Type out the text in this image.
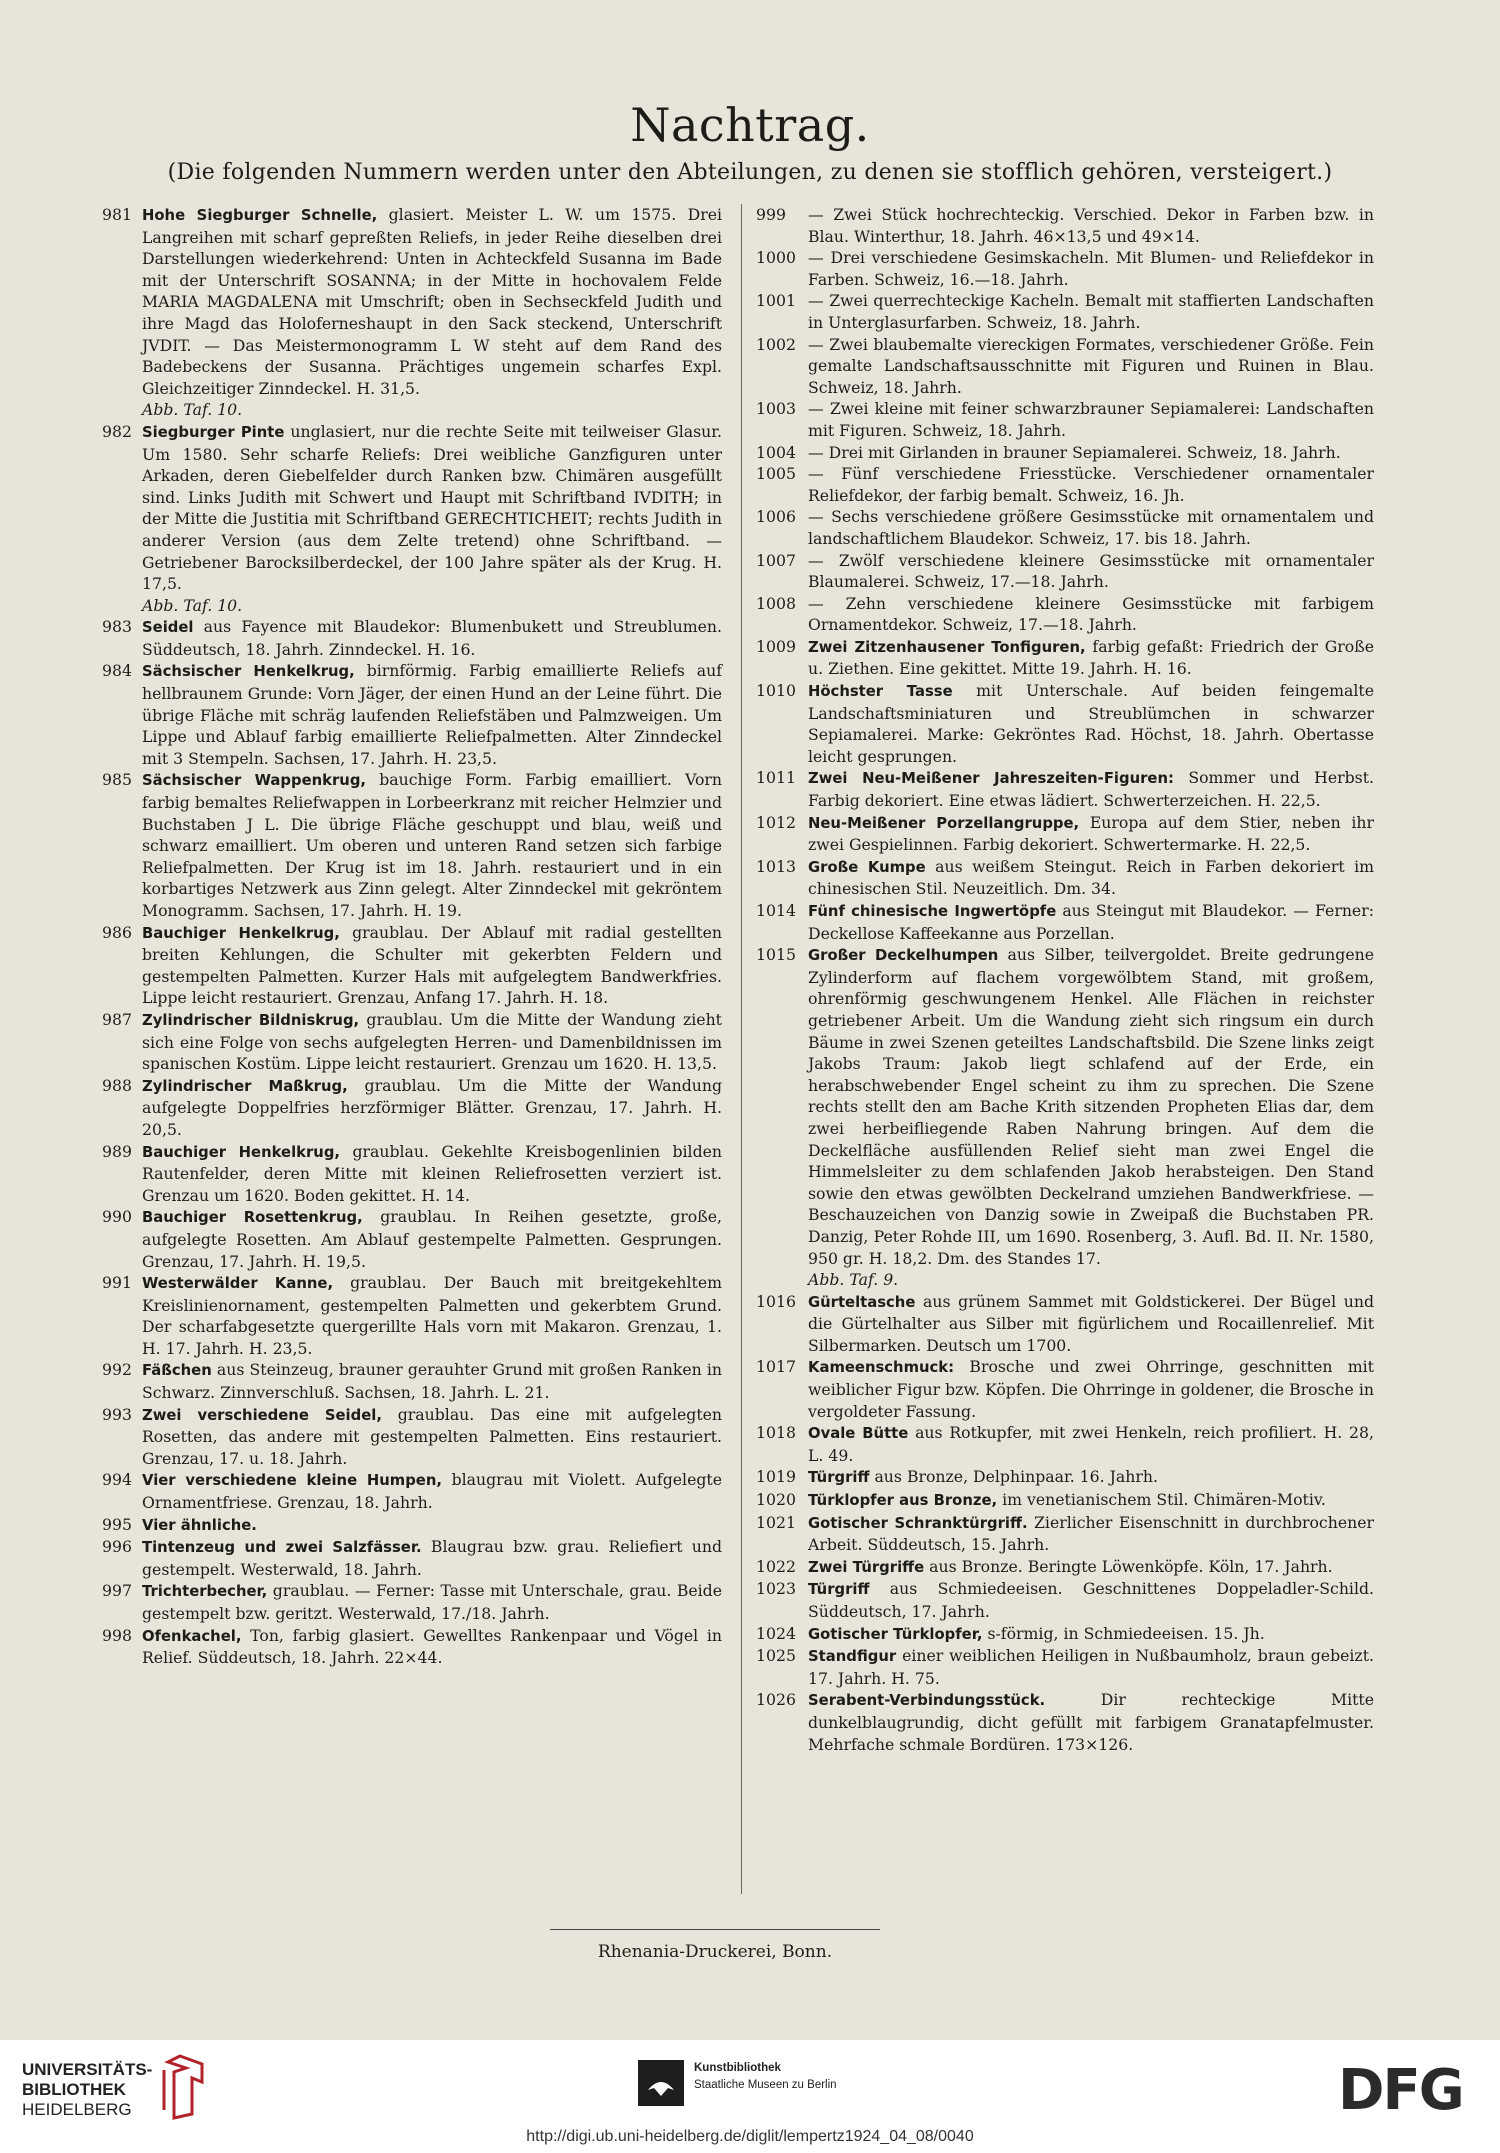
Nachtrag.
(Die folgenden Nummern werden unter den Abteilungen, zu denen sie stofflich gehören, versteigert.)

981 Hohe Siegburger Schnelle, glasiert. Meister L. W. um 1575. Drei Langreihen mit scharf gepreßten Reliefs, in jeder Reihe dieselben drei Darstellungen wiederkehrend: Unten in Achteckfeld Susanna im Bade mit der Unterschrift SOSANNA; in der Mitte in hochovalem Felde MARIA MAGDALENA mit Umschrift; oben in Sechseckfeld Judith und ihre Magd das Holoferneshaupt in den Sack steckend, Unterschrift JVDIT. — Das Meistermonogramm L W steht auf dem Rand des Badebeckens der Susanna. Prächtiges ungemein scharfes Expl. Gleichzeitiger Zinndeckel. H. 31,5.
Abb. Taf. 10.

982 Siegburger Pinte unglasiert, nur die rechte Seite mit teilweiser Glasur. Um 1580. Sehr scharfe Reliefs: Drei weibliche Ganzfiguren unter Arkaden, deren Giebelfelder durch Ranken bzw. Chimären ausgefüllt sind. Links Judith mit Schwert und Haupt mit Schriftband IVDITH; in der Mitte die Justitia mit Schriftband GERECHTICHEIT; rechts Judith in anderer Version (aus dem Zelte tretend) ohne Schriftband. — Getriebener Barocksilberdeckel, der 100 Jahre später als der Krug. H. 17,5.
Abb. Taf. 10.

983 Seidel aus Fayence mit Blaudekor: Blumenbukett und Streublumen. Süddeutsch, 18. Jahrh. Zinndeckel. H. 16.

984 Sächsischer Henkelkrug, birnförmig. Farbig emaillierte Reliefs auf hellbraunem Grunde: Vorn Jäger, der einen Hund an der Leine führt. Die übrige Fläche mit schräg laufenden Reliefstäben und Palmzweigen. Um Lippe und Ablauf farbig emaillierte Reliefpalmetten. Alter Zinndeckel mit 3 Stempeln. Sachsen, 17. Jahrh. H. 23,5.

985 Sächsischer Wappenkrug, bauchige Form. Farbig emailliert. Vorn farbig bemaltes Reliefwappen in Lorbeerkranz mit reicher Helmzier und Buchstaben J L. Die übrige Fläche geschuppt und blau, weiß und schwarz emailliert. Um oberen und unteren Rand setzen sich farbige Reliefpalmetten. Der Krug ist im 18. Jahrh. restauriert und in ein korbartiges Netzwerk aus Zinn gelegt. Alter Zinndeckel mit gekröntem Monogramm. Sachsen, 17. Jahrh. H. 19.

986 Bauchiger Henkelkrug, graublau. Der Ablauf mit radial gestellten breiten Kehlungen, die Schulter mit gekerbten Feldern und gestempelten Palmetten. Kurzer Hals mit aufgelegtem Bandwerkfries. Lippe leicht restauriert. Grenzau, Anfang 17. Jahrh. H. 18.

987 Zylindrischer Bildniskrug, graublau. Um die Mitte der Wandung zieht sich eine Folge von sechs aufgelegten Herren- und Damenbildnissen im spanischen Kostüm. Lippe leicht restauriert. Grenzau um 1620. H. 13,5.

988 Zylindrischer Maßkrug, graublau. Um die Mitte der Wandung aufgelegte Doppelfries herzförmiger Blätter. Grenzau, 17. Jahrh. H. 20,5.

989 Bauchiger Henkelkrug, graublau. Gekehlte Kreisbogenlinien bilden Rautenfelder, deren Mitte mit kleinen Reliefrosetten verziert ist. Grenzau um 1620. Boden gekittet. H. 14.

990 Bauchiger Rosettenkrug, graublau. In Reihen gesetzte, große, aufgelegte Rosetten. Am Ablauf gestempelte Palmetten. Gesprungen. Grenzau, 17. Jahrh. H. 19,5.

991 Westerwälder Kanne, graublau. Der Bauch mit breitgekehltem Kreislinienornament, gestempelten Palmetten und gekerbtem Grund. Der scharfabgesetzte quergerillte Hals vorn mit Makaron. Grenzau, 1. H. 17. Jahrh. H. 23,5.

992 Fäßchen aus Steinzeug, brauner gerauhter Grund mit großen Ranken in Schwarz. Zinnverschluß. Sachsen, 18. Jahrh. L. 21.

993 Zwei verschiedene Seidel, graublau. Das eine mit aufgelegten Rosetten, das andere mit gestempelten Palmetten. Eins restauriert. Grenzau, 17. u. 18. Jahrh.

994 Vier verschiedene kleine Humpen, blaugrau mit Violett. Aufgelegte Ornamentfriese. Grenzau, 18. Jahrh.

995 Vier ähnliche.

996 Tintenzeug und zwei Salzfässer. Blaugrau bzw. grau. Reliefiert und gestempelt. Westerwald, 18. Jahrh.

997 Trichterbecher, graublau. — Ferner: Tasse mit Unterschale, grau. Beide gestempelt bzw. geritzt. Westerwald, 17./18. Jahrh.

998 Ofenkachel, Ton, farbig glasiert. Gewelltes Rankenpaar und Vögel in Relief. Süddeutsch, 18. Jahrh. 22×44.

999 — Zwei Stück hochrechteckig. Verschied. Dekor in Farben bzw. in Blau. Winterthur, 18. Jahrh. 46×13,5 und 49×14.

1000 — Drei verschiedene Gesimskacheln. Mit Blumen- und Reliefdekor in Farben. Schweiz, 16.—18. Jahrh.

1001 — Zwei querrechteckige Kacheln. Bemalt mit staffierten Landschaften in Unterglasurfarben. Schweiz, 18. Jahrh.

1002 — Zwei blaubemalte viereckigen Formates, verschiedener Größe. Fein gemalte Landschaftsausschnitte mit Figuren und Ruinen in Blau. Schweiz, 18. Jahrh.

1003 — Zwei kleine mit feiner schwarzbrauner Sepiamalerei: Landschaften mit Figuren. Schweiz, 18. Jahrh.

1004 — Drei mit Girlanden in brauner Sepiamalerei. Schweiz, 18. Jahrh.

1005 — Fünf verschiedene Friesstücke. Verschiedener ornamentaler Reliefdekor, der farbig bemalt. Schweiz, 16. Jh.

1006 — Sechs verschiedene größere Gesimsstücke mit ornamentalem und landschaftlichem Blaudekor. Schweiz, 17. bis 18. Jahrh.

1007 — Zwölf verschiedene kleinere Gesimsstücke mit ornamentaler Blaumalerei. Schweiz, 17.—18. Jahrh.

1008 — Zehn verschiedene kleinere Gesimsstücke mit farbigem Ornamentdekor. Schweiz, 17.—18. Jahrh.

1009 Zwei Zitzenhausener Tonfiguren, farbig gefaßt: Friedrich der Große u. Ziethen. Eine gekittet. Mitte 19. Jahrh. H. 16.

1010 Höchster Tasse mit Unterschale. Auf beiden feingemalte Landschaftsminiaturen und Streublümchen in schwarzer Sepiamalerei. Marke: Gekröntes Rad. Höchst, 18. Jahrh. Obertasse leicht gesprungen.

1011 Zwei Neu-Meißener Jahreszeiten-Figuren: Sommer und Herbst. Farbig dekoriert. Eine etwas lädiert. Schwerterzeichen. H. 22,5.

1012 Neu-Meißener Porzellangruppe, Europa auf dem Stier, neben ihr zwei Gespielinnen. Farbig dekoriert. Schwertermarke. H. 22,5.

1013 Große Kumpe aus weißem Steingut. Reich in Farben dekoriert im chinesischen Stil. Neuzeitlich. Dm. 34.

1014 Fünf chinesische Ingwertöpfe aus Steingut mit Blaudekor. — Ferner: Deckellose Kaffeekanne aus Porzellan.

1015 Großer Deckelhumpen aus Silber, teilvergoldet. Breite gedrungene Zylinderform auf flachem vorgewölbtem Stand, mit großem, ohrenförmig geschwungenem Henkel. Alle Flächen in reichster getriebener Arbeit. Um die Wandung zieht sich ringsum ein durch Bäume in zwei Szenen geteiltes Landschaftsbild. Die Szene links zeigt Jakobs Traum: Jakob liegt schlafend auf der Erde, ein herabschwebender Engel scheint zu ihm zu sprechen. Die Szene rechts stellt den am Bache Krith sitzenden Propheten Elias dar, dem zwei herbeifliegende Raben Nahrung bringen. Auf dem die Deckelfläche ausfüllenden Relief sieht man zwei Engel die Himmelsleiter zu dem schlafenden Jakob herabsteigen. Den Stand sowie den etwas gewölbten Deckelrand umziehen Bandwerkfriese. — Beschauzeichen von Danzig sowie in Zweipaß die Buchstaben PR. Danzig, Peter Rohde III, um 1690. Rosenberg, 3. Aufl. Bd. II. Nr. 1580, 950 gr. H. 18,2. Dm. des Standes 17.
Abb. Taf. 9.

1016 Gürteltasche aus grünem Sammet mit Goldstickerei. Der Bügel und die Gürtelhalter aus Silber mit figürlichem und Rocaillenrelief. Mit Silbermarken. Deutsch um 1700.

1017 Kameenschmuck: Brosche und zwei Ohrringe, geschnitten mit weiblicher Figur bzw. Köpfen. Die Ohrringe in goldener, die Brosche in vergoldeter Fassung.

1018 Ovale Bütte aus Rotkupfer, mit zwei Henkeln, reich profiliert. H. 28, L. 49.

1019 Türgriff aus Bronze, Delphinpaar. 16. Jahrh.

1020 Türklopfer aus Bronze, im venetianischem Stil. Chimären-Motiv.

1021 Gotischer Schranktürgriff. Zierlicher Eisenschnitt in durchbrochener Arbeit. Süddeutsch, 15. Jahrh.

1022 Zwei Türgriffe aus Bronze. Beringte Löwenköpfe. Köln, 17. Jahrh.

1023 Türgriff aus Schmiedeeisen. Geschnittenes Doppeladler-Schild. Süddeutsch, 17. Jahrh.

1024 Gotischer Türklopfer, s-förmig, in Schmiedeeisen. 15. Jh.

1025 Standfigur einer weiblichen Heiligen in Nußbaumholz, braun gebeizt. 17. Jahrh. H. 75.

1026 Serabent-Verbindungsstück. Dir rechteckige Mitte dunkelblaugrundig, dicht gefüllt mit farbigem Granatapfelmuster. Mehrfache schmale Bordüren. 173×126.

Rhenania-Druckerei, Bonn.
UNIVERSITÄTS-
BIBLIOTHEK
HEIDELBERG
Kunstbibliothek
Staatliche Museen zu Berlin	DFG
http://digi.ub.uni-heidelberg.de/diglit/lempertz1924_04_08/0040
